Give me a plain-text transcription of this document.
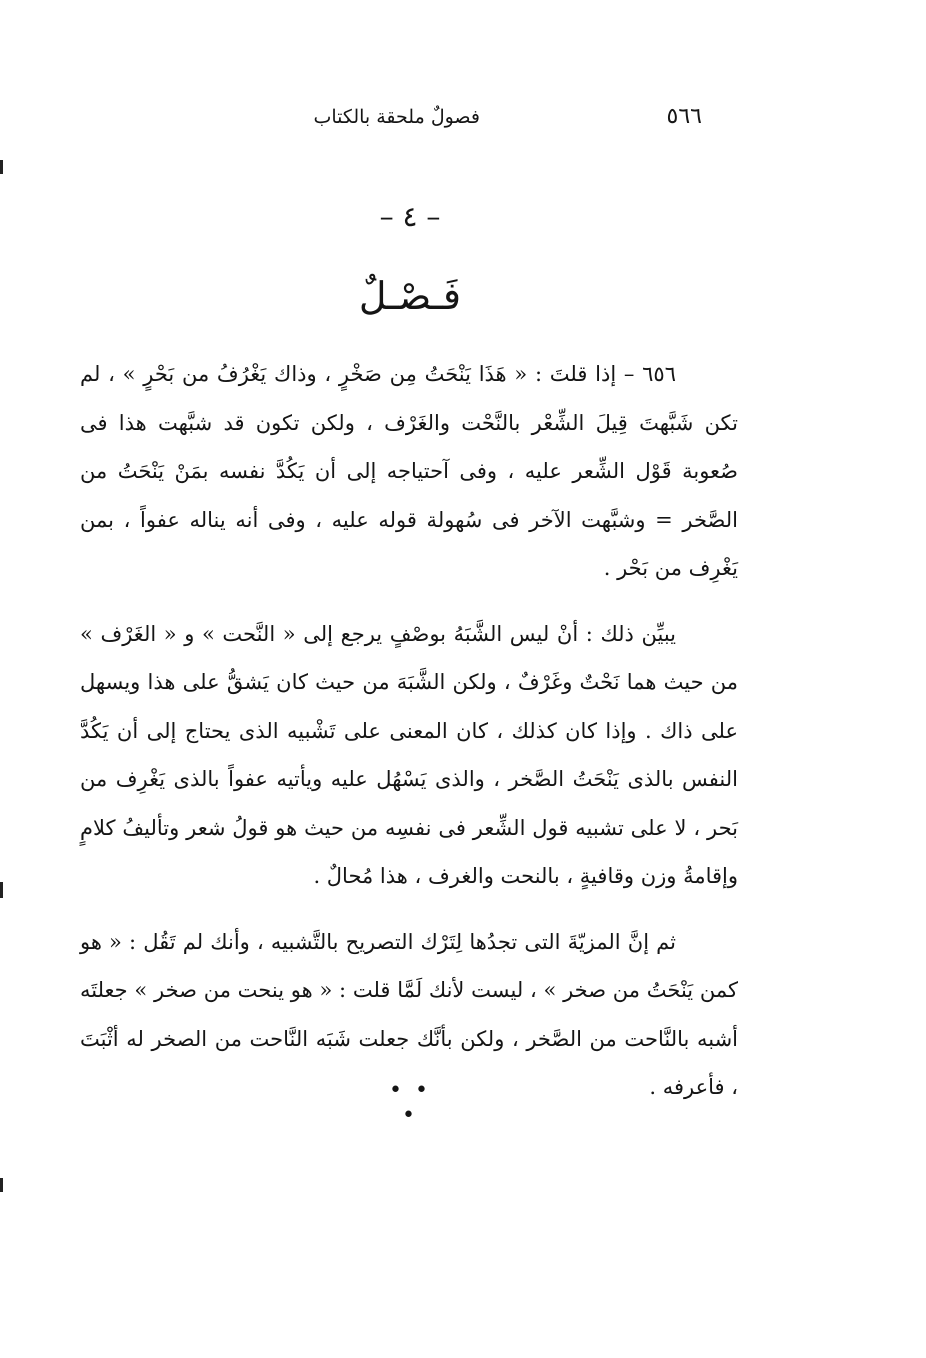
٥٦٦
فصولٌ ملحقة بالكتاب
– ٤ –
فَـصْـلٌ

٦٥٦ – إذا قلتَ : « هَذَا يَنْحَتُ مِن صَخْرٍ ، وذاك يَغْرُفُ من بَحْرٍ » ، لم تكن شَبَّهتَ قِيلَ الشِّعْر بالنَّحْت والغَرْف ، ولكن تكون قد شبَّهت هذا فى صُعوبة قَوْل الشِّعر عليه ، وفى آحتياجه إلى أن يَكُدَّ نفسه بمَنْ يَنْحَتُ من الصَّخر = وشبَّهت الآخر فى سُهولة قوله عليه ، وفى أنه يناله عفواً ، بمن يَغْرِف من بَحْر .

يبيِّن ذلك : أنْ ليس الشَّبَهُ بوصْفٍ يرجع إلى « النَّحت » و « الغَرْف » من حيث هما نَحْتٌ وغَرْفٌ ، ولكن الشَّبَهَ من حيث كان يَشقُّ على هذا ويسهل على ذاك . وإذا كان كذلك ، كان المعنى على تَشْبيه الذى يحتاج إلى أن يَكُدَّ النفس بالذى يَنْحَتُ الصَّخر ، والذى يَسْهُل عليه ويأتيه عفواً بالذى يَغْرِف من بَحر ، لا على تشبيه قول الشِّعر فى نفسِه من حيث هو قولُ شعر وتأليفُ كلامٍ وإقامةُ وزن وقافيةٍ ، بالنحت والغرف ، هذا مُحالٌ .

ثم إنَّ المزيّةَ التى تجدُها لِتَرْك التصريح بالتَّشبيه ، وأنك لم تَقُل : « هو كمن يَنْحَتُ من صخر » ، ليست لأنك لَمَّا قلت : « هو ينحت من صخر » جعلتَه أشبه بالنَّاحت من الصَّخر ، ولكن بأنَّك جعلت شَبَه النَّاحت من الصخر له أثْبَتَ ، فأعرفه .

• • •
